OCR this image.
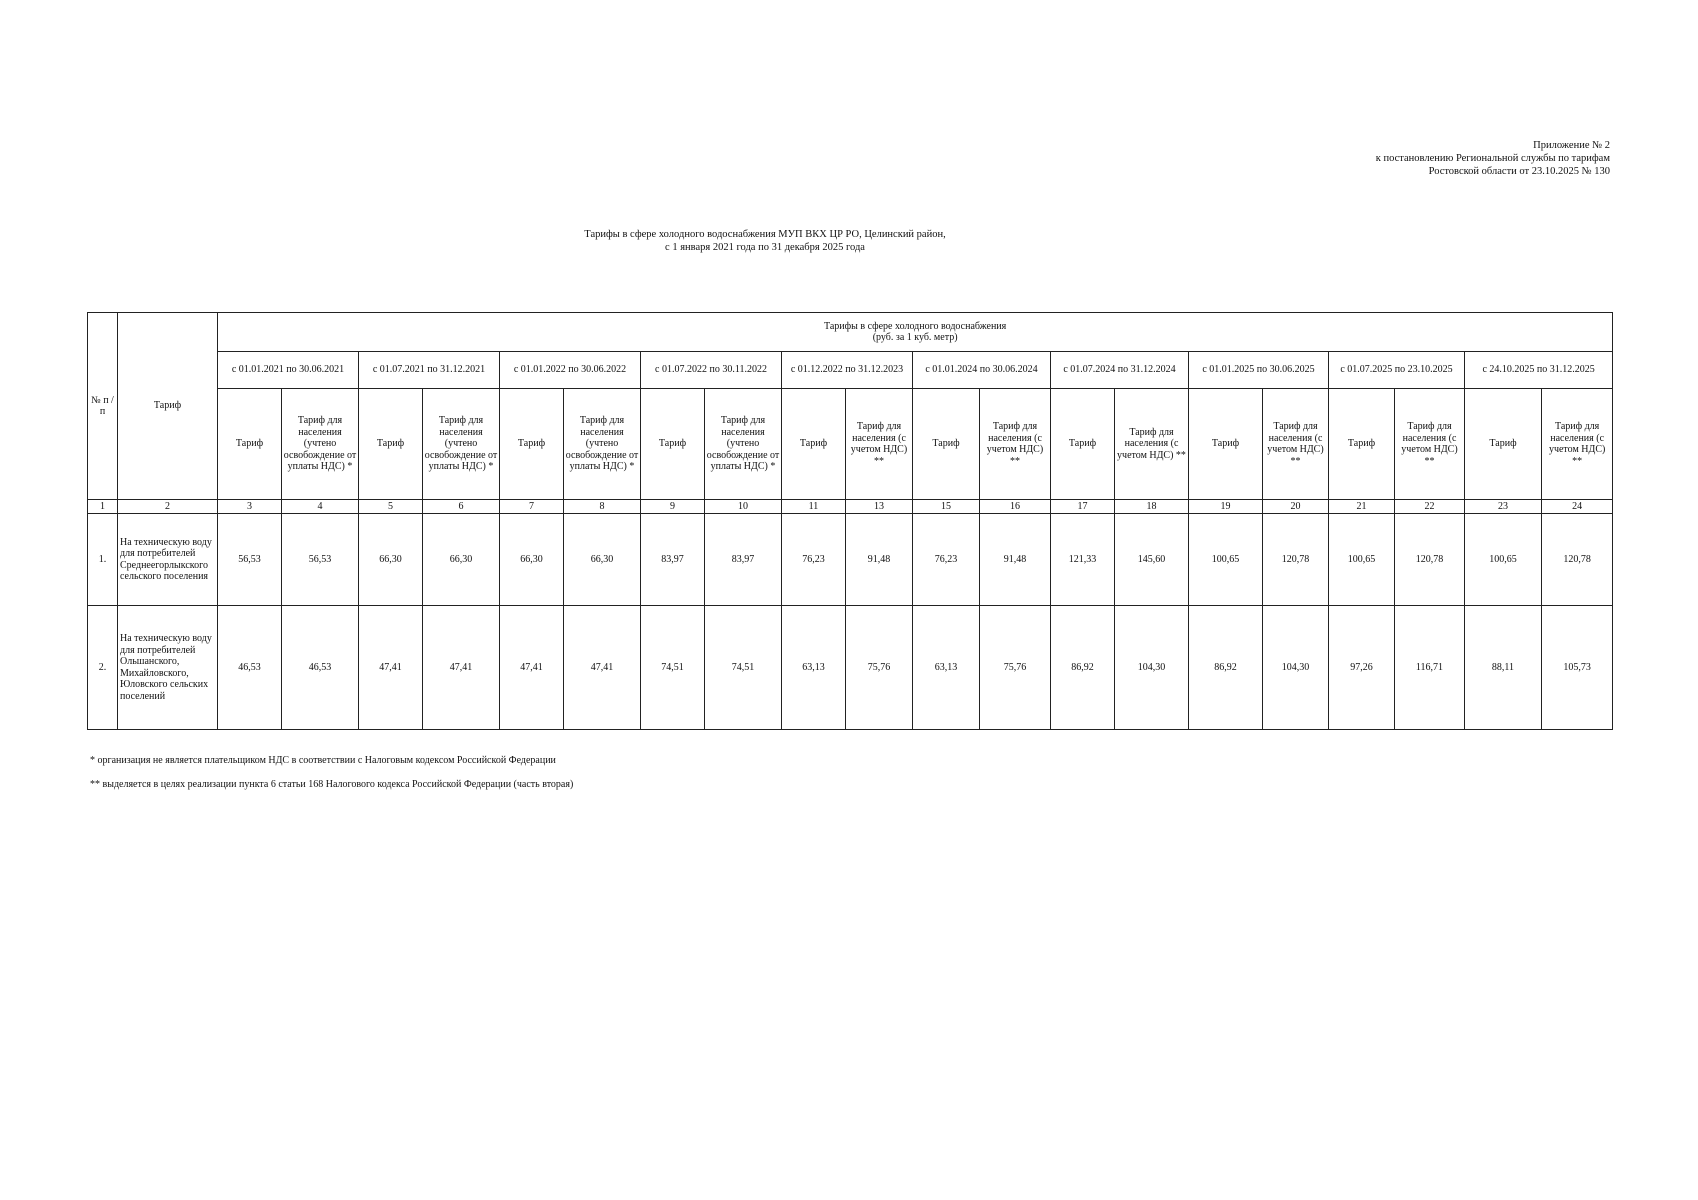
Приложение № 2
к постановлению Региональной службы по тарифам
Ростовской области от 23.10.2025 № 130
Тарифы в сфере холодного водоснабжения МУП ВКХ ЦР РО, Целинский район,
с 1 января 2021 года по 31 декабря 2025 года
№ п /п	Тариф	Тарифы в сфере холодного водоснабжения
(руб. за 1 куб. метр)																			

		с 01.01.2021 по 30.06.2021		с 01.07.2021 по 31.12.2021		с 01.01.2022 по 30.06.2022		с 01.07.2022 по 30.11.2022		с 01.12.2022 по 31.12.2023		с 01.01.2024 по 30.06.2024		с 01.07.2024 по 31.12.2024		с 01.01.2025 по 30.06.2025		с 01.07.2025 по 23.10.2025		с 24.10.2025 по 31.12.2025	
		Тариф	Тариф для населения (учтено освобождение от уплаты НДС) *	Тариф	Тариф для населения (учтено освобождение от уплаты НДС) *	Тариф	Тариф для населения (учтено освобождение от уплаты НДС) *	Тариф	Тариф для населения (учтено освобождение от уплаты НДС) *	Тариф	Тариф для населения (с учетом НДС) **	Тариф	Тариф для населения (с учетом НДС) **	Тариф	Тариф для населения (с учетом НДС) **	Тариф	Тариф для населения (с учетом НДС) **	Тариф	Тариф для населения (с учетом НДС) **	Тариф	Тариф для населения (с учетом НДС) **
1	2	3	4	5	6	7	8	9	10	11	13	15	16	17	18	19	20	21	22	23	24
1.	На техническую воду для потребителей Среднеегорлыкского сельского поселения	56,53	56,53	66,30	66,30	66,30	66,30	83,97	83,97	76,23	91,48	76,23	91,48	121,33	145,60	100,65	120,78	100,65	120,78	100,65	120,78
2.	На техническую воду для потребителей Ольшанского, Михайловского, Юловского сельских поселений	46,53	46,53	47,41	47,41	47,41	47,41	74,51	74,51	63,13	75,76	63,13	75,76	86,92	104,30	86,92	104,30	97,26	116,71	88,11	105,73
* организация не является плательщиком НДС в соответствии с Налоговым кодексом Российской Федерации
** выделяется в целях реализации пункта 6 статьи 168 Налогового кодекса Российской Федерации (часть вторая)
